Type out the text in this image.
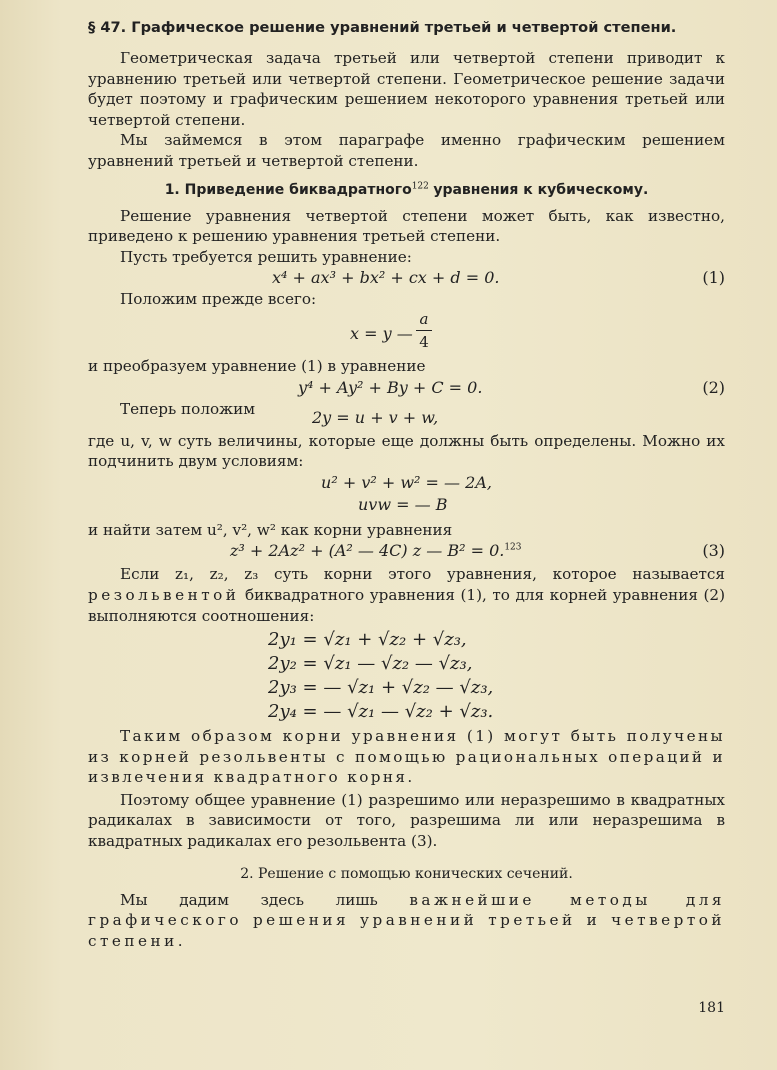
§ 47. Графическое решение уравнений третьей и четвертой степени.

Геометрическая задача третьей или четвертой степени приводит к уравнению третьей или четвертой степени. Геометрическое решение задачи будет поэтому и графическим решением некоторого уравнения третьей или четвертой степени.

Мы займемся в этом параграфе именно графическим решением уравнений третьей и четвертой степени.

1. Приведение биквадратного$^{122}$ уравнения к кубическому.

Решение уравнения четвертой степени может быть, как известно, приведено к решению уравнения третьей степени.

Пусть требуется решить уравнение:

x⁴ + ax³ + bx² + cx + d = 0.	(1)

Положим прежде всего:

x = y —
a
4

и преобразуем уравнение (1) в уравнение

y⁴ + Ay² + By + C = 0.	(2)
Теперь положим	2y = u + v + w,

где u, v, w суть величины, которые еще должны быть определены. Можно их подчинить двум условиям:

u² + v² + w² = — 2A,
uvw = — B

и найти затем u², v², w² как корни уравнения

z³ + 2Az² + (A² — 4C) z — B² = 0.$^{123}$	(3)

Если z₁, z₂, z₃ суть корни этого уравнения, которое называется резольвентой биквадратного уравнения (1), то для корней уравнения (2) выполняются соотношения:

2y₁ = √z₁ + √z₂ + √z₃,
2y₂ = √z₁ — √z₂ — √z₃,
2y₃ = — √z₁ + √z₂ — √z₃,
2y₄ = — √z₁ — √z₂ + √z₃.

Таким образом корни уравнения (1) могут быть получены из корней резольвенты с помощью рациональных операций и извлечения квадратного корня.

Поэтому общее уравнение (1) разрешимо или неразрешимо в квадратных радикалах в зависимости от того, разрешима ли или неразрешима в квадратных радикалах его резольвента (3).

2. Решение с помощью конических сечений.

Мы дадим здесь лишь важнейшие методы для графического решения уравнений третьей и четвертой степени.

181
